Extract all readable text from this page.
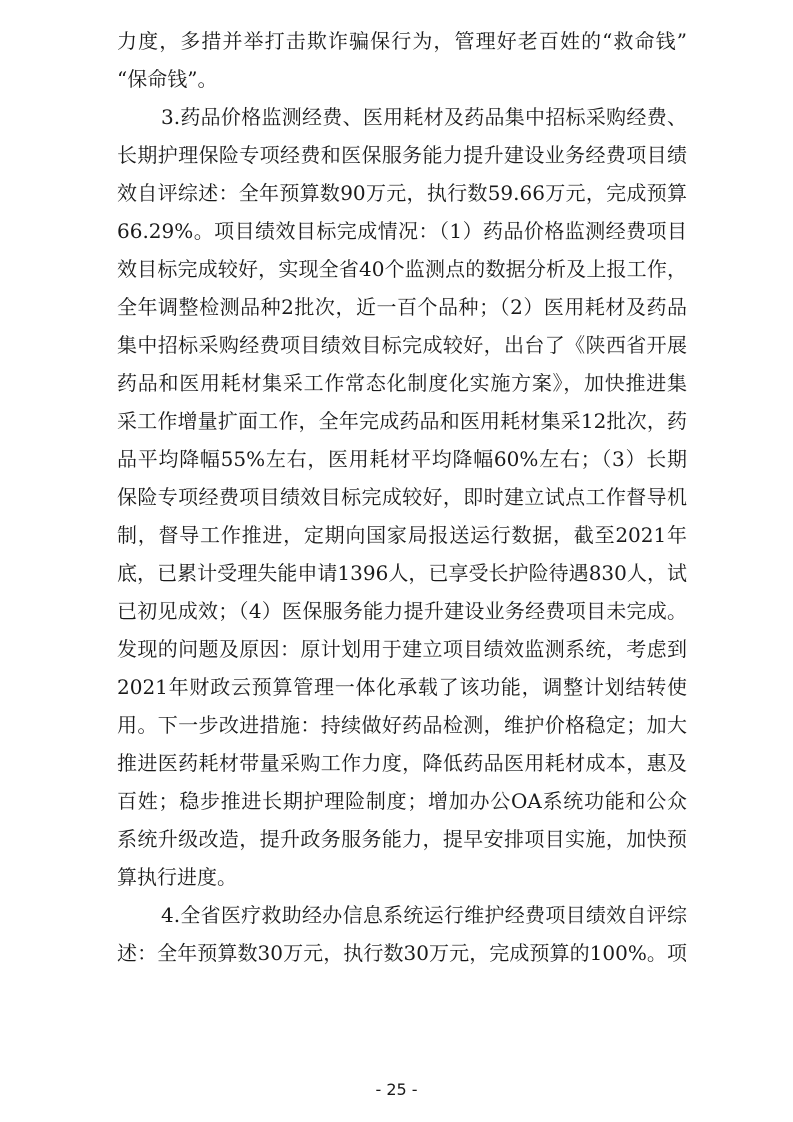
力度，多措并举打击欺诈骗保行为，管理好老百姓的“救命钱”
“保命钱”。
3.药品价格监测经费、医用耗材及药品集中招标采购经费、
长期护理保险专项经费和医保服务能力提升建设业务经费项目绩
效自评综述：全年预算数90万元，执行数59.66万元，完成预算
66.29%。项目绩效目标完成情况：（1）药品价格监测经费项目
效目标完成较好，实现全省40个监测点的数据分析及上报工作，
全年调整检测品种2批次，近一百个品种；（2）医用耗材及药品
集中招标采购经费项目绩效目标完成较好，出台了《陕西省开展
药品和医用耗材集采工作常态化制度化实施方案》，加快推进集
采工作增量扩面工作，全年完成药品和医用耗材集采12批次，药
品平均降幅55%左右，医用耗材平均降幅60%左右；（3）长期
保险专项经费项目绩效目标完成较好，即时建立试点工作督导机
制，督导工作推进，定期向国家局报送运行数据，截至2021年
底，已累计受理失能申请1396人，已享受长护险待遇830人，试
已初见成效；（4）医保服务能力提升建设业务经费项目未完成。
发现的问题及原因：原计划用于建立项目绩效监测系统，考虑到
2021年财政云预算管理一体化承载了该功能，调整计划结转使
用。下一步改进措施：持续做好药品检测，维护价格稳定；加大
推进医药耗材带量采购工作力度，降低药品医用耗材成本，惠及
百姓；稳步推进长期护理险制度；增加办公OA系统功能和公众
系统升级改造，提升政务服务能力，提早安排项目实施，加快预
算执行进度。
4.全省医疗救助经办信息系统运行维护经费项目绩效自评综
述：全年预算数30万元，执行数30万元，完成预算的100%。项
- 25 -
